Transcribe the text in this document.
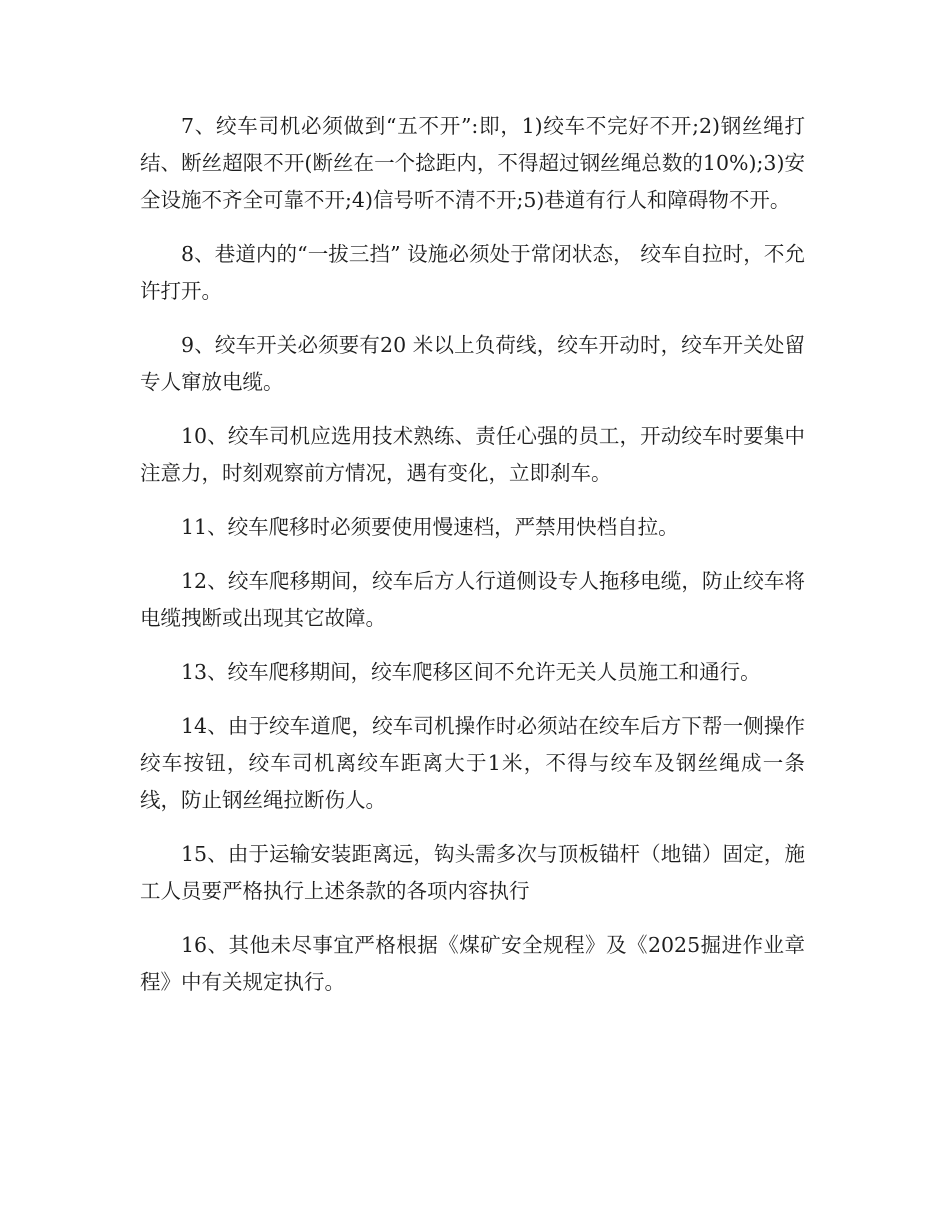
7、绞车司机必须做到“五不开”:即，1)绞车不完好不开;2)钢丝绳打结、断丝超限不开(断丝在一个捻距内，不得超过钢丝绳总数的10%);3)安全设施不齐全可靠不开;4)信号听不清不开;5)巷道有行人和障碍物不开。

8、巷道内的“一拔三挡” 设施必须处于常闭状态， 绞车自拉时，不允许打开。

9、绞车开关必须要有20 米以上负荷线，绞车开动时，绞车开关处留专人窜放电缆。

10、绞车司机应选用技术熟练、责任心强的员工，开动绞车时要集中注意力，时刻观察前方情况，遇有变化，立即刹车。

11、绞车爬移时必须要使用慢速档，严禁用快档自拉。

12、绞车爬移期间，绞车后方人行道侧设专人拖移电缆，防止绞车将电缆拽断或出现其它故障。

13、绞车爬移期间，绞车爬移区间不允许无关人员施工和通行。

14、由于绞车道爬，绞车司机操作时必须站在绞车后方下帮一侧操作绞车按钮，绞车司机离绞车距离大于1米，不得与绞车及钢丝绳成一条线，防止钢丝绳拉断伤人。

15、由于运输安装距离远，钩头需多次与顶板锚杆（地锚）固定，施工人员要严格执行上述条款的各项内容执行

16、其他未尽事宜严格根据《煤矿安全规程》及《2025掘进作业章程》中有关规定执行。
